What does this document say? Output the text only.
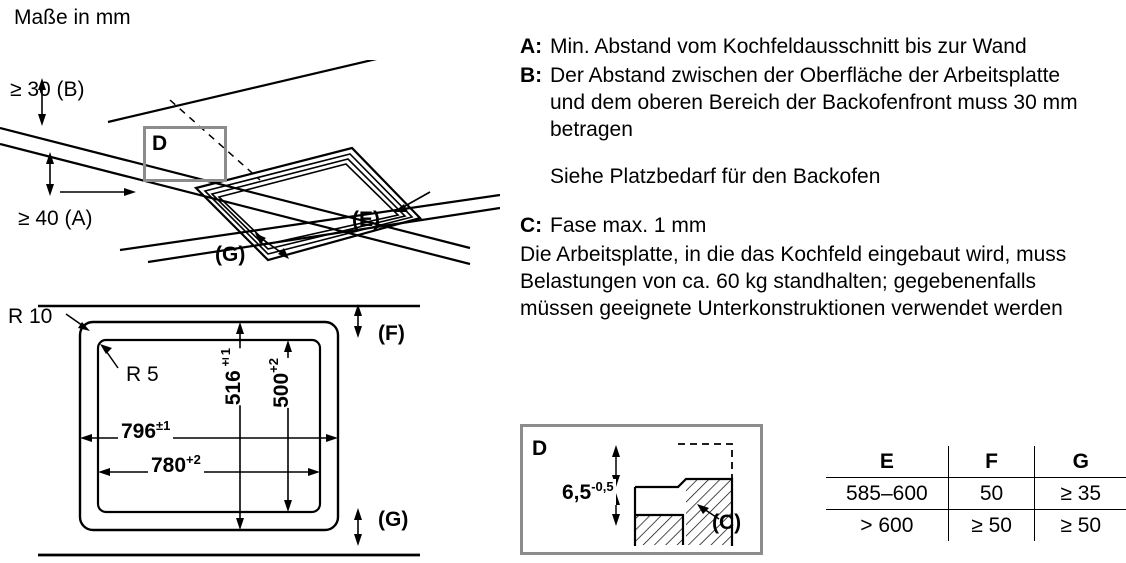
Maße in mm
D
≥ 30 (B)
≥ 40 (A)	(E)
(G)
R 10
R 5
(F)
(G)
$796^{\pm 1}$
$780^{+2}$
$516^{\pm 1}$
$500^{+2}$
A: Min. Abstand vom Kochfeldausschnitt bis zur Wand
B: Der Abstand zwischen der Oberfläche der Arbeitsplatte und dem oberen Bereich der Backofenfront muss 30 mm betragen
Siehe Platzbedarf für den Backofen
C: Fase max. 1 mm
Die Arbeitsplatte, in die das Kochfeld eingebaut wird, muss Belastungen von ca. 60 kg standhalten; gegebenenfalls müssen geeignete Unterkonstruktionen verwendet werden
D
$6,5^{-0,5}$
(C)
E	F	G
585–600	50	≥ 35
> 600	≥ 50	≥ 50
